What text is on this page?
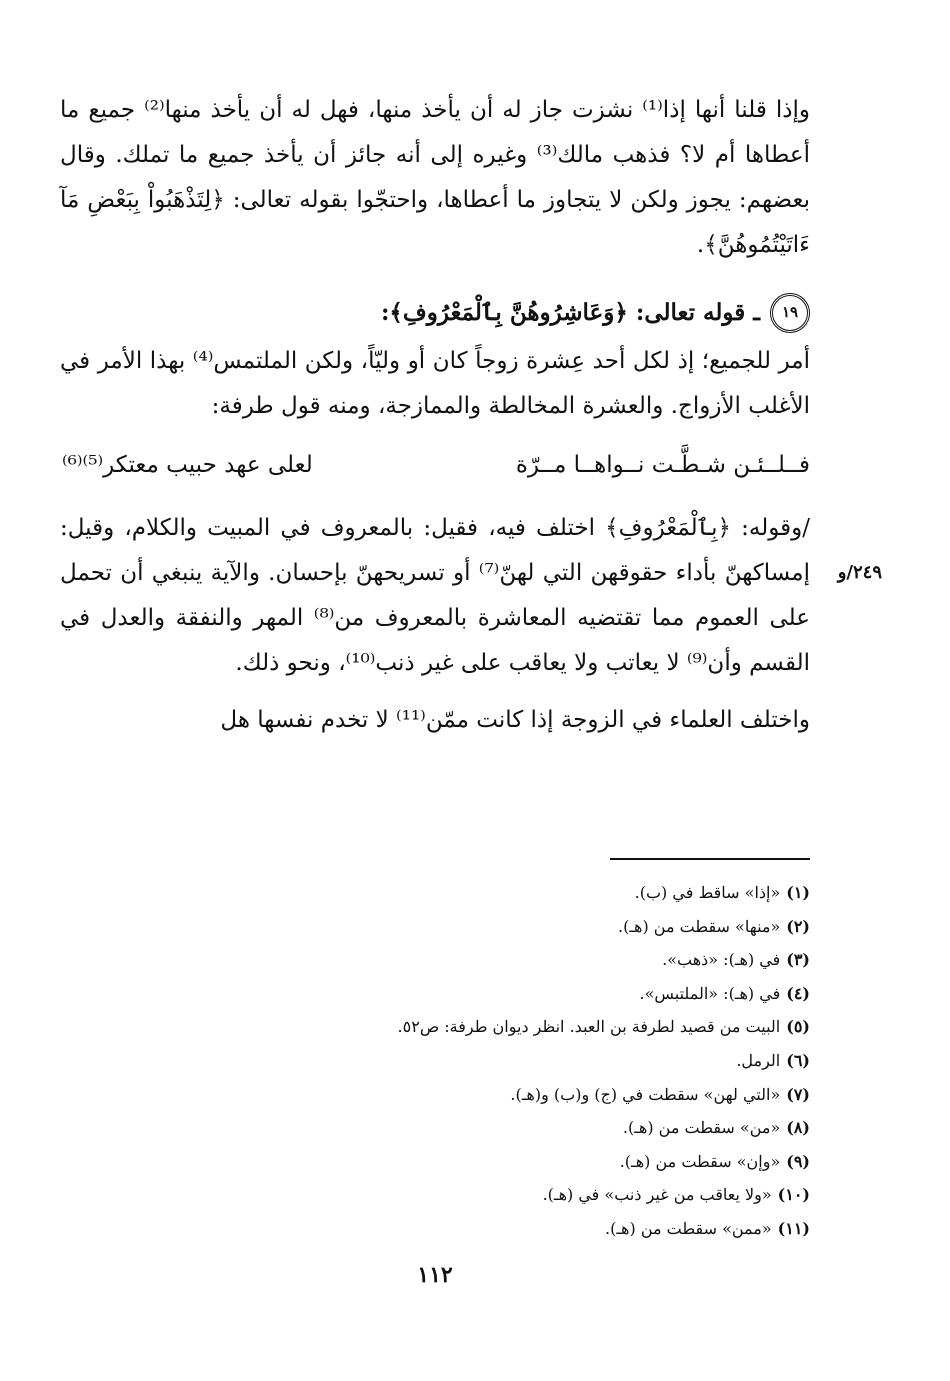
وإذا قلنا أنها إذا⁽¹⁾ نشزت جاز له أن يأخذ منها، فهل له أن يأخذ منها⁽²⁾ جميع ما أعطاها أم لا؟ فذهب مالك⁽³⁾ وغيره إلى أنه جائز أن يأخذ جميع ما تملك. وقال بعضهم: يجوز ولكن لا يتجاوز ما أعطاها، واحتجّوا بقوله تعالى: ﴿لِتَذْهَبُواْ بِبَعْضِ مَآ ءَاتَيْتُمُوهُنَّ﴾.

١٩
ـ قوله تعالى: ﴿وَعَاشِرُوهُنَّ بِٱلْمَعْرُوفِ﴾:

أمر للجميع؛ إذ لكل أحد عِشرة زوجاً كان أو وليّاً، ولكن الملتمس⁽⁴⁾ بهذا الأمر في الأغلب الأزواج. والعشرة المخالطة والممازجة، ومنه قول طرفة:

فــلــئـن شـطَّـت نــواهــا مــرّة
لعلى عهد حبيب معتكر⁽⁵⁾⁽⁶⁾

/وقوله: ﴿بِٱلْمَعْرُوفِ﴾ اختلف فيه، فقيل: بالمعروف في المبيت والكلام، وقيل: إمساكهنّ بأداء حقوقهن التي لهنّ⁽⁷⁾ أو تسريحهنّ بإحسان. والآية ينبغي أن تحمل على العموم مما تقتضيه المعاشرة بالمعروف من⁽⁸⁾ المهر والنفقة والعدل في القسم وأن⁽⁹⁾ لا يعاتب ولا يعاقب على غير ذنب⁽¹⁰⁾، ونحو ذلك.

واختلف العلماء في الزوجة إذا كانت ممّن⁽¹¹⁾ لا تخدم نفسها هل

٢٤٩/و
(١)«إذا» ساقط في (ب).
(٢)«منها» سقطت من (هـ).
(٣)في (هـ): «ذهب».
(٤)في (هـ): «الملتبس».
(٥)البيت من قصيد لطرفة بن العبد. انظر ديوان طرفة: ص٥٢.
(٦)الرمل.
(٧)«التي لهن» سقطت في (ج) و(ب) و(هـ).
(٨)«من» سقطت من (هـ).
(٩)«وإن» سقطت من (هـ).
(١٠)«ولا يعاقب من غير ذنب» في (هـ).
(١١)«ممن» سقطت من (هـ).
١١٢
